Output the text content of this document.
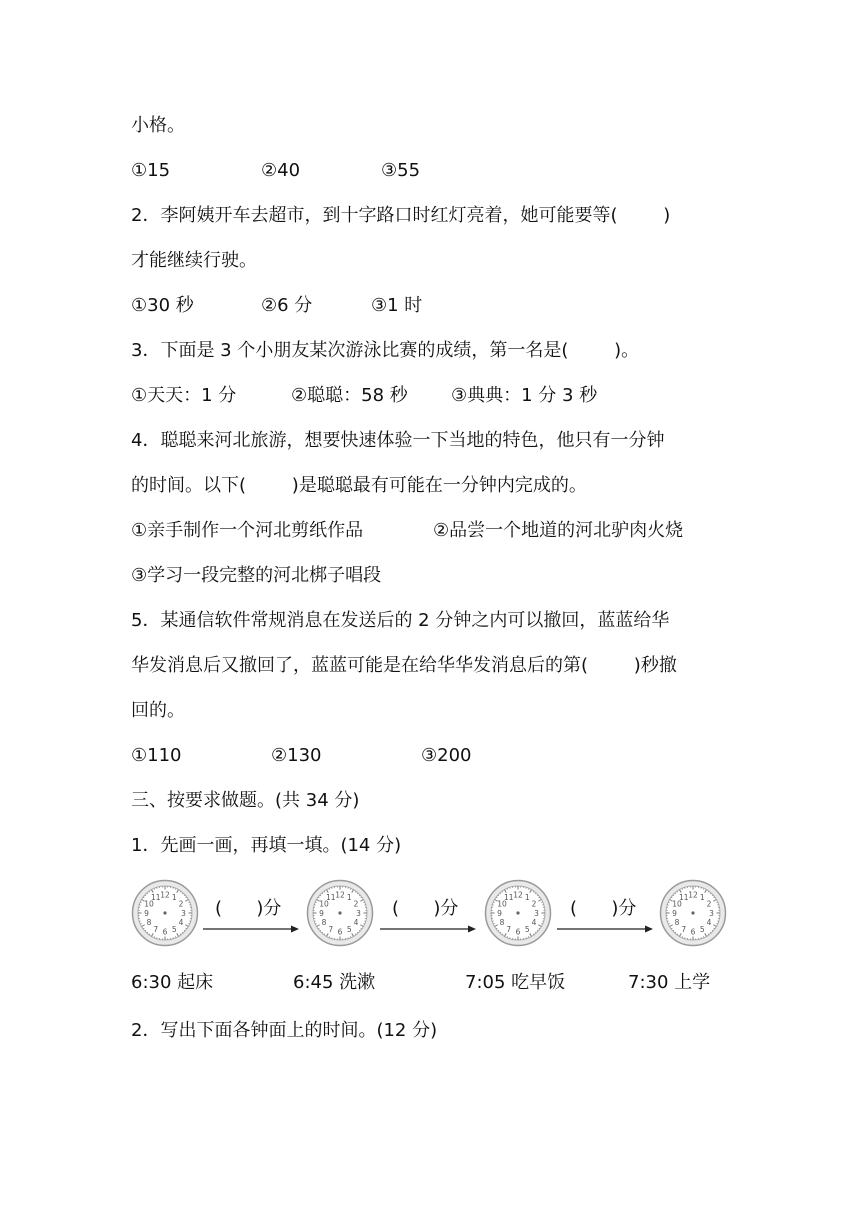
小格。
①15	②40	③55
2．李阿姨开车去超市，到十字路口时红灯亮着，她可能要等(        )
才能继续行驶。
①30 秒	②6 分	③1 时
3．下面是 3 个小朋友某次游泳比赛的成绩，第一名是(        )。
①天天：1 分	②聪聪：58 秒 ③典典：1 分 3 秒
4．聪聪来河北旅游，想要快速体验一下当地的特色，他只有一分钟
的时间。以下(        )是聪聪最有可能在一分钟内完成的。
①亲手制作一个河北剪纸作品	②品尝一个地道的河北驴肉火烧
③学习一段完整的河北梆子唱段
5．某通信软件常规消息在发送后的 2 分钟之内可以撤回，蓝蓝给华
华发消息后又撤回了，蓝蓝可能是在给华华发消息后的第(        )秒撤
回的。
①110	②130	③200
三、按要求做题。(共 34 分)
1．先画一画，再填一填。(14 分)
12 1
2
3
4
5
6
7
8
9
10
11	12 1
2
3
4
5
6
7
8
9
10
11	12 1
2
3
4
5
6
7
8
9
10
11	12 1
2
3
4
5
6
7
8
9
10
11
(      )分	(      )分	(      )分
6:30 起床	6:45 洗漱	7:05 吃早饭	7:30 上学
2．写出下面各钟面上的时间。(12 分)
